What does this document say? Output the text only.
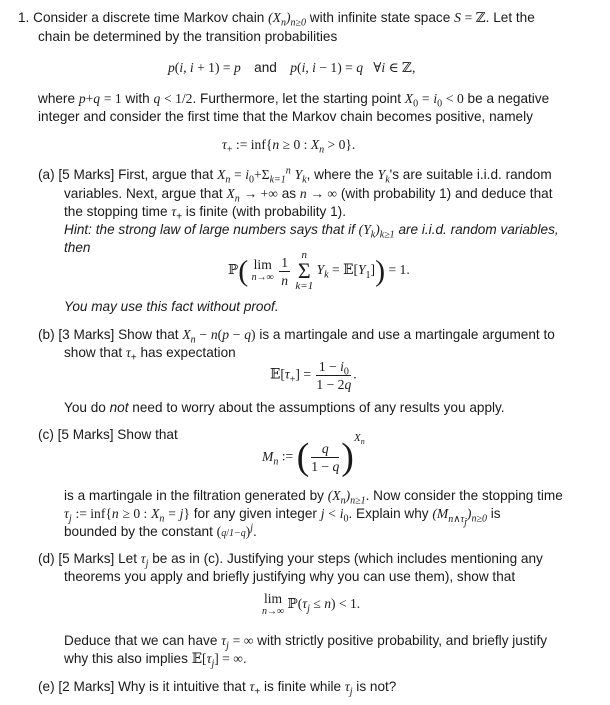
1. Consider a discrete time Markov chain $(X_n)_{n\ge 0}$ with infinite state space S = ℤ. Let the
chain be determined by the transition probabilities
p(i, i + 1) = p and p(i, i − 1) = q   ∀i ∈ ℤ,
where p+q = 1 with q < 1/2. Furthermore, let the starting point $X_0 = i_0 < 0$ be a negative
integer and consider the first time that the Markov chain becomes positive, namely
$\tau_+$ := inf{n ≥ 0 : $X_n > 0$}.
(a) [5 Marks] First, argue that $X_n = i_0+\Sigma_{k=1}^n$ $Y_k$, where the $Y_k's$ are suitable i.i.d. random
variables. Next, argue that $X_n$ → +∞ as n → ∞ (with probability 1) and deduce that
the stopping time $\tau_+$ is finite (with probability 1).
Hint: the strong law of large numbers says that if $(Y_k)_{k\ge 1}$ are i.i.d. random variables,
then
ℙ( lim
n→∞
$\frac{1}{n}$ n
Σ
k=1 $Y_k$ = $𝔼[Y_1]) = 1$.
You may use this fact without proof.
(b) [3 Marks] Show that $X_n - n(p - q)$ is a martingale and use a martingale argument to
show that $\tau_+$ has expectation
$𝔼[\tau_+] = \frac{1 - i_0}{1 - 2q}$ .
You do not need to worry about the assumptions of any results you apply.
(c) [5 Marks] Show that
$M_n$ := ( $\frac{q}{1 - q} )^{X_n}$
is a martingale in the filtration generated by $(X_n)_{n\ge 1}$. Now consider the stopping time
$\tau_j$ := inf{n ≥ 0 : $X_n = j$} for any given integer $j < i_0$. Explain why $(M_{n\wedge\tau_j})_{n\ge 0}$ is
bounded by the constant $(q/1-q)^j$.
(d) [5 Marks] Let $\tau_j$ be as in (c). Justifying your steps (which includes mentioning any
theorems you apply and briefly justifying why you can use them), show that
lim
n→∞
$ℙ(\tau_j \le n) < 1$.
Deduce that we can have $\tau_j$ = ∞ with strictly positive probability, and briefly justify
why this also implies $𝔼[\tau_j]$ = ∞.
(e) [2 Marks] Why is it intuitive that $\tau_+$ is finite while $\tau_j$ is not?
